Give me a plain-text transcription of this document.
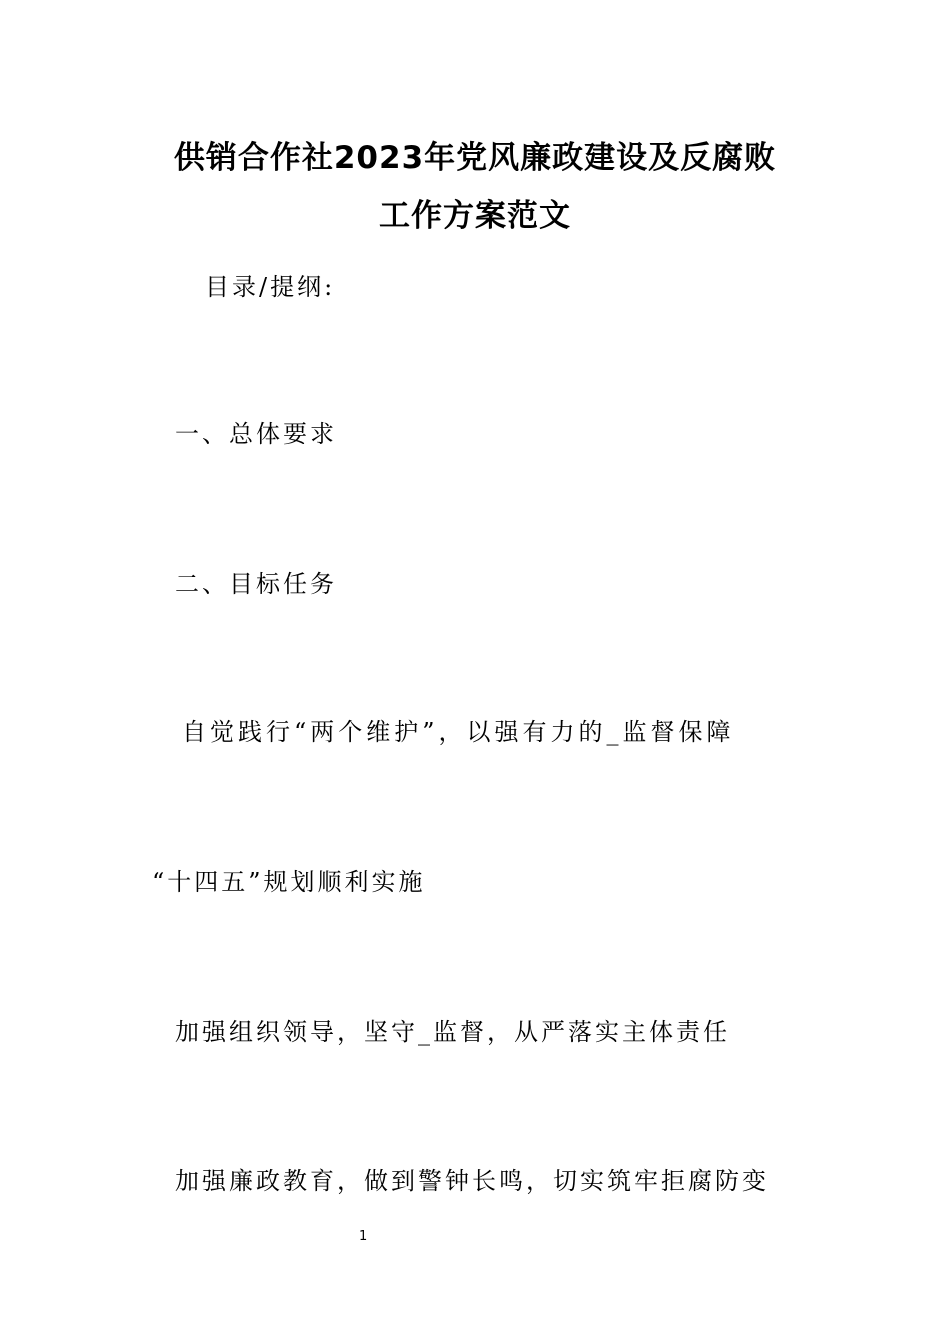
供销合作社2023年党风廉政建设及反腐败
工作方案范文
目录/提纲:
一、总体要求
二、目标任务
自觉践行“两个维护”，以强有力的_监督保障
“十四五”规划顺利实施
加强组织领导，坚守_监督，从严落实主体责任
加强廉政教育，做到警钟长鸣，切实筑牢拒腐防变
1
